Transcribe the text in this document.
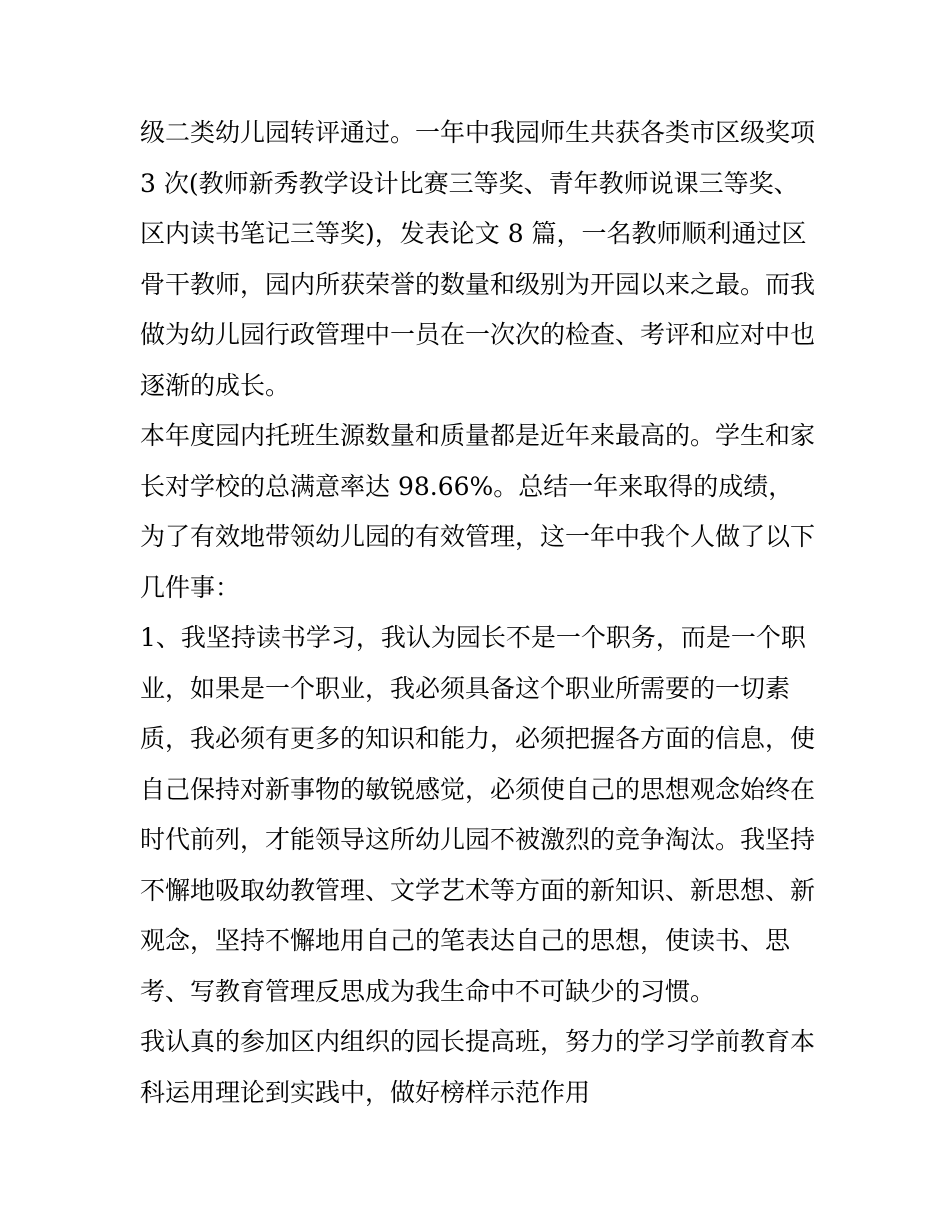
级二类幼儿园转评通过。一年中我园师生共获各类市区级奖项
3 次(教师新秀教学设计比赛三等奖、青年教师说课三等奖、
区内读书笔记三等奖)，发表论文 8 篇，一名教师顺利通过区
骨干教师，园内所获荣誉的数量和级别为开园以来之最。而我
做为幼儿园行政管理中一员在一次次的检查、考评和应对中也
逐渐的成长。
本年度园内托班生源数量和质量都是近年来最高的。学生和家
长对学校的总满意率达 98.66%。总结一年来取得的成绩，
为了有效地带领幼儿园的有效管理，这一年中我个人做了以下
几件事：
1、我坚持读书学习，我认为园长不是一个职务，而是一个职
业，如果是一个职业，我必须具备这个职业所需要的一切素
质，我必须有更多的知识和能力，必须把握各方面的信息，使
自己保持对新事物的敏锐感觉，必须使自己的思想观念始终在
时代前列，才能领导这所幼儿园不被激烈的竞争淘汰。我坚持
不懈地吸取幼教管理、文学艺术等方面的新知识、新思想、新
观念，坚持不懈地用自己的笔表达自己的思想，使读书、思
考、写教育管理反思成为我生命中不可缺少的习惯。
我认真的参加区内组织的园长提高班，努力的学习学前教育本
科运用理论到实践中，做好榜样示范作用
